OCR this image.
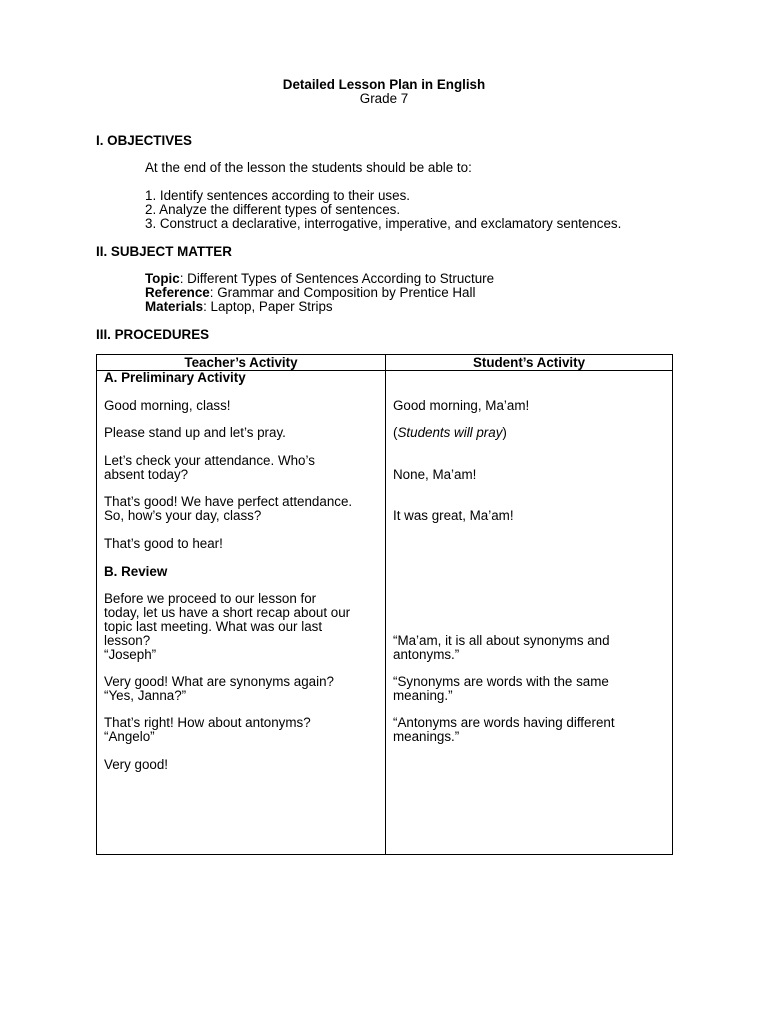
Detailed Lesson Plan in English
Grade 7
I. OBJECTIVES
At the end of the lesson the students should be able to:
1. Identify sentences according to their uses.
2. Analyze the different types of sentences.
3. Construct a declarative, interrogative, imperative, and exclamatory sentences.
II. SUBJECT MATTER
Topic: Different Types of Sentences According to Structure
Reference: Grammar and Composition by Prentice Hall
Materials: Laptop, Paper Strips
III. PROCEDURES
Teacher’s Activity	Student’s Activity
A. Preliminary Activity
Good morning, class!
Please stand up and let’s pray.
Let’s check your attendance. Who’s
absent today?
That’s good! We have perfect attendance.
So, how’s your day, class?
That’s good to hear!
B. Review
Before we proceed to our lesson for
today, let us have a short recap about our
topic last meeting. What was our last
lesson?
“Joseph”
Very good! What are synonyms again?
“Yes, Janna?”
That’s right! How about antonyms?
“Angelo”
Very good!
Good morning, Ma’am!
(Students will pray)
None, Ma’am!
It was great, Ma’am!
“Ma’am, it is all about synonyms and
antonyms.”
“Synonyms are words with the same
meaning.”
“Antonyms are words having different
meanings.”
